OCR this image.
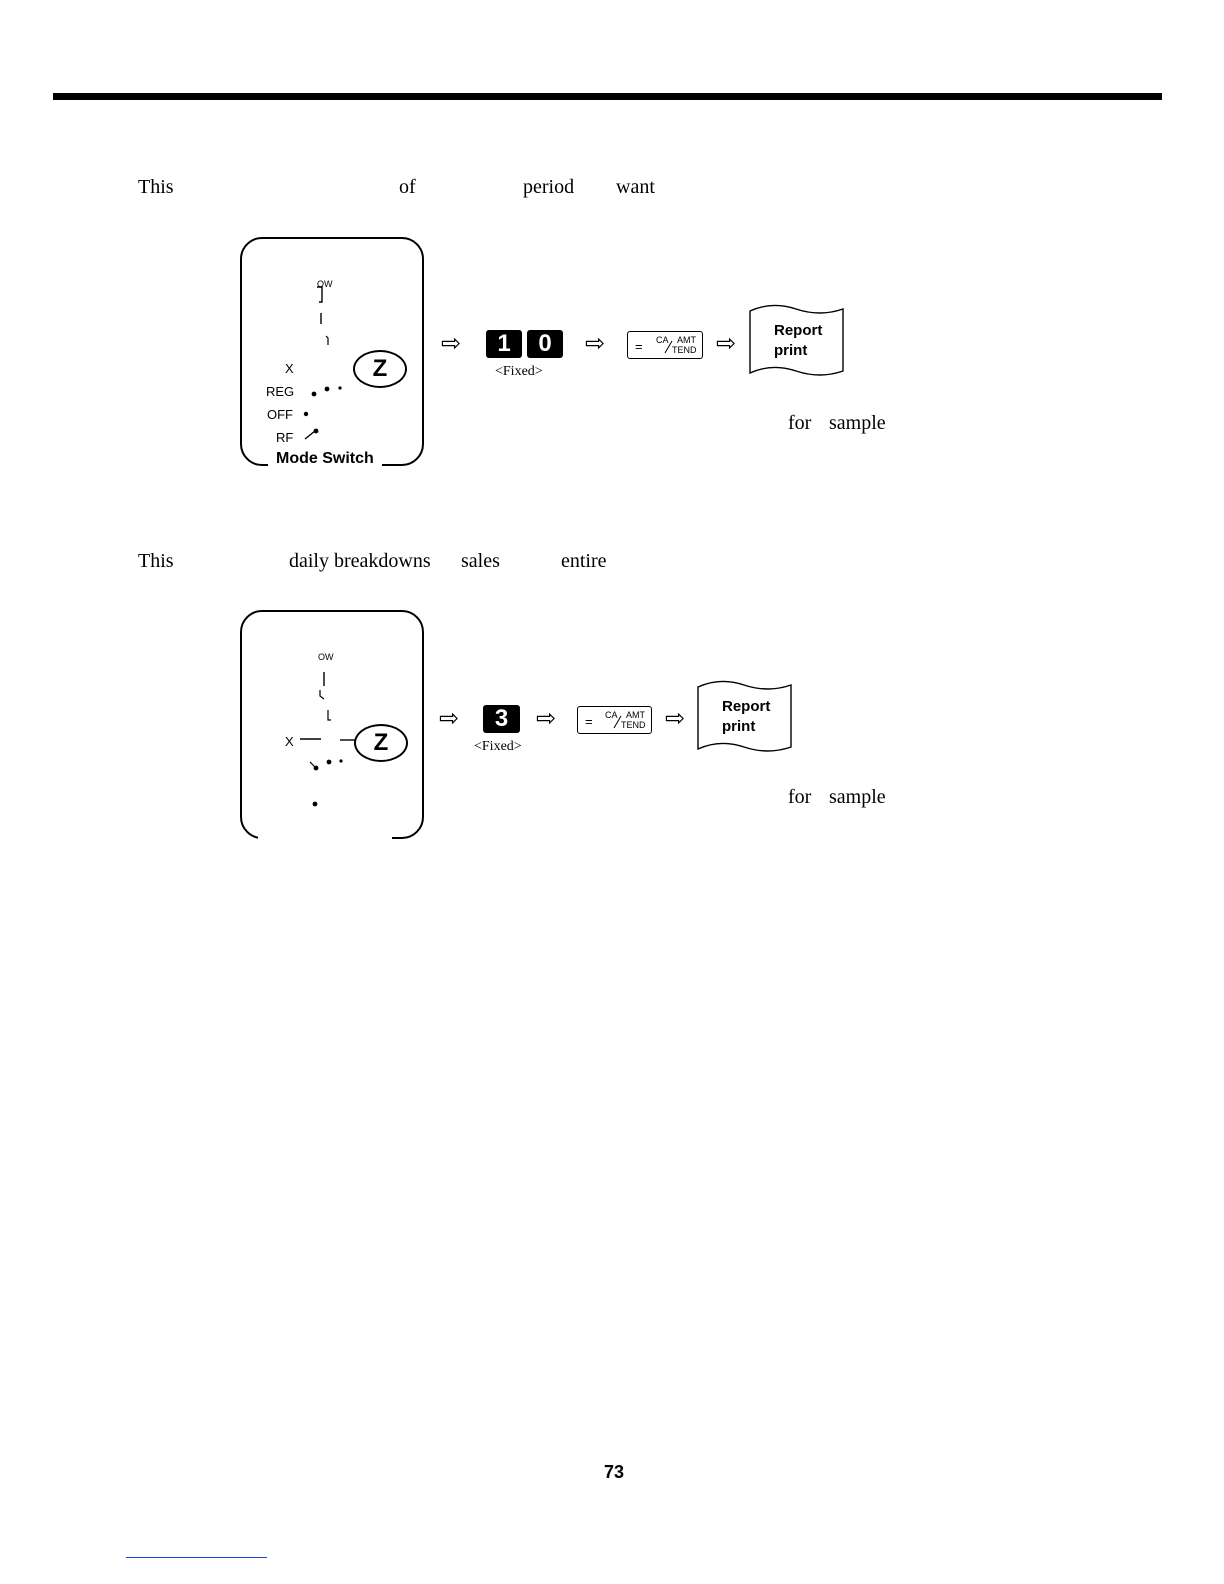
This	of	period want
OW
X
REG
OFF
RF
Z
Mode Switch
⇨ 1 0
<Fixed>
⇨	CA AMT
TEND
=	⇨	Report
print
for sample
This	daily breakdowns sales	entire
OW
X	Z
⇨ 3
<Fixed>
⇨	CA AMT
TEND
=	⇨ Report
print
for sample
73
